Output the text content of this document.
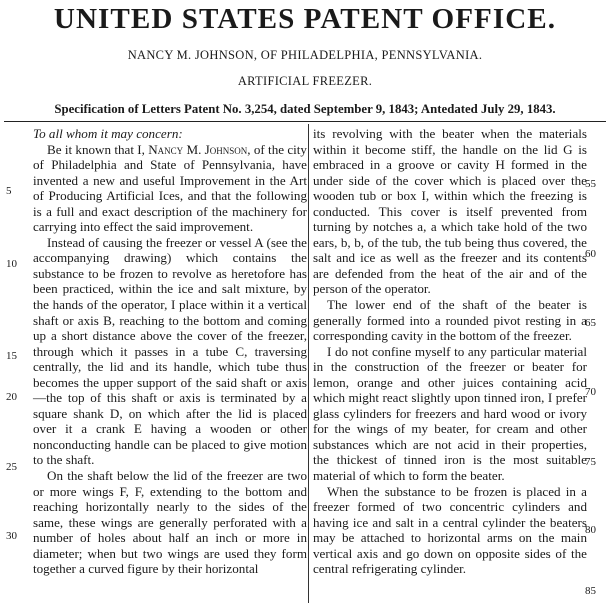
UNITED STATES PATENT OFFICE.
NANCY M. JOHNSON, OF PHILADELPHIA, PENNSYLVANIA.
ARTIFICIAL FREEZER.
Specification of Letters Patent No. 3,254, dated September 9, 1843; Antedated July 29, 1843.

To all whom it may concern:

Be it known that I, Nancy M. Johnson, of the city of Philadelphia and State of Pennsylvania, have invented a new and useful Improvement in the Art of Producing Artificial Ices, and that the following is a full and exact description of the machinery for carrying into effect the said improvement.

Instead of causing the freezer or vessel A (see the accompanying drawing) which contains the substance to be frozen to revolve as heretofore has been practiced, within the ice and salt mixture, by the hands of the operator, I place within it a vertical shaft or axis B, reaching to the bottom and coming up a short distance above the cover of the freezer, through which it passes in a tube C, traversing centrally, the lid and its handle, which tube thus becomes the upper support of the said shaft or axis—the top of this shaft or axis is terminated by a square shank D, on which after the lid is placed over it a crank E having a wooden or other nonconducting handle can be placed to give motion to the shaft.

On the shaft below the lid of the freezer are two or more wings F, F, extending to the bottom and reaching horizontally nearly to the sides of the same, these wings are generally perforated with a number of holes about half an inch or more in diameter; when but two wings are used they form together a curved figure by their horizontal

its revolving with the beater when the materials within it become stiff, the handle on the lid G is embraced in a groove or cavity H formed in the under side of the cover which is placed over the wooden tub or box I, within which the freezing is conducted. This cover is itself prevented from turning by notches a, a which take hold of the two ears, b, b, of the tub, the tub being thus covered, the salt and ice as well as the freezer and its contents are defended from the heat of the air and of the person of the operator.

The lower end of the shaft of the beater is generally formed into a rounded pivot resting in a corresponding cavity in the bottom of the freezer.

I do not confine myself to any particular material in the construction of the freezer or beater for lemon, orange and other juices containing acid which might react slightly upon tinned iron, I prefer glass cylinders for freezers and hard wood or ivory for the wings of my beater, for cream and other substances which are not acid in their properties, the thickest of tinned iron is the most suitable material of which to form the beater.

When the substance to be frozen is placed in a freezer formed of two concentric cylinders and having ice and salt in a central cylinder the beaters may be attached to horizontal arms on the main vertical axis and go down on opposite sides of the central refrigerating cylinder.

5
10
15
20
25
30
55
60
65
70
75
80
85
